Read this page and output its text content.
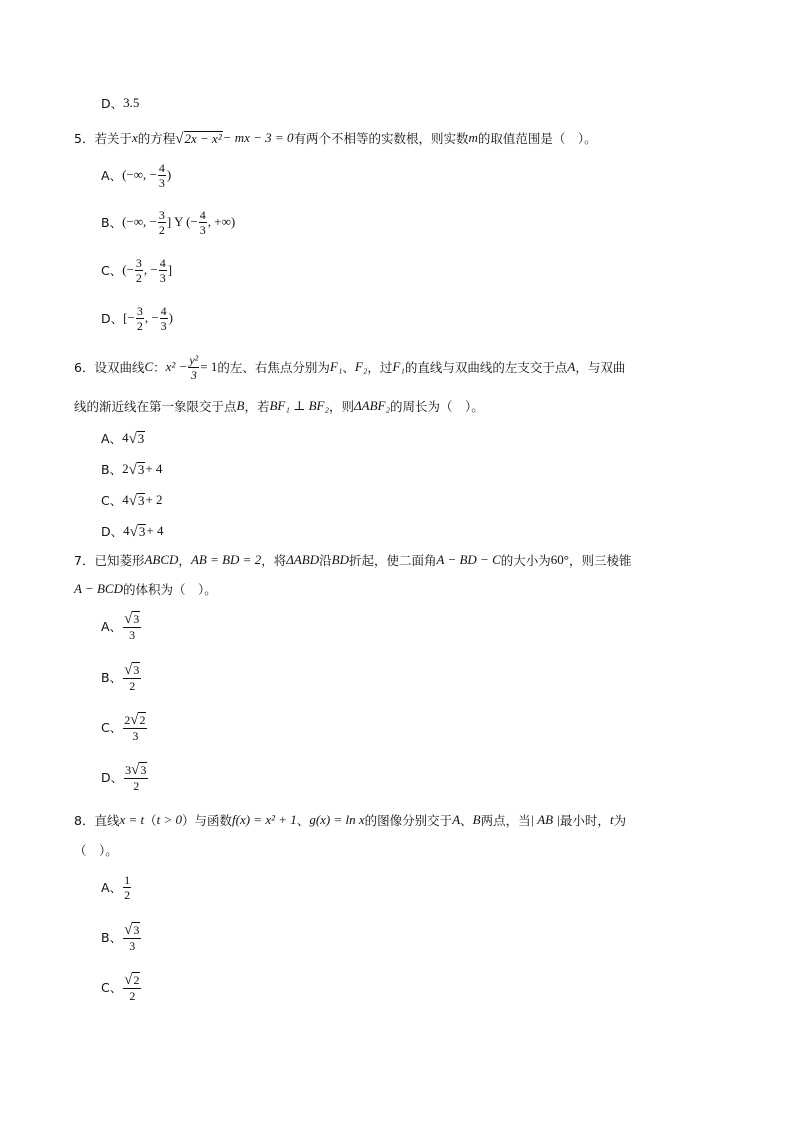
D、 3.5
5． 若关于 x 的方程 √ 2x − x² − mx − 3 = 0 有两个不相等的实数根，则实数 m 的取值范围是（　）。
A、 (−∞, − $\frac{4}{3}$ )
B、 (−∞, − $\frac{3}{2}$ ] Y (− $\frac{4}{3}$ , +∞)
C、 (− $\frac{3}{2}$ , − $\frac{4}{3}$ ]
D、 [− $\frac{3}{2}$ , − $\frac{4}{3}$ )
6． 设双曲线 C ： $x^2 - \frac{\text{y²}}{3} = 1$ 的左、右焦点分别为 F₁ 、 F₂ ，过 F₁ 的直线与双曲线的左支交于点 A ，与双曲
线的渐近线在第一象限交于点 B ，若 BF₁ ⊥ BF₂ ，则 ΔABF₂ 的周长为（　）。
A、 4 √ 3
B、 2 √ 3 + 4
C、 4 √ 3 + 2
D、 4 √ 3 + 4
7． 已知菱形 ABCD ， AB = BD = 2 ，将 ΔABD 沿 BD 折起，使二面角 A − BD − C 的大小为 60° ，则三棱锥
A − BCD 的体积为（　）。
A、 $\frac{√ 3}{3}$
B、 $\frac{√ 3}{2}$
C、 $\frac{2 √ 2}{3}$
D、 $\frac{3 √ 3}{2}$
8． 直线 x = t （ t > 0 ）与函数 f(x) = x² + 1 、 g(x) = ln x 的图像分别交于 A 、 B 两点，当 | AB | 最小时， t 为
（　）。
A、 $\frac{1}{2}$
B、 $\frac{√ 3}{3}$
C、 $\frac{√ 2}{2}$
